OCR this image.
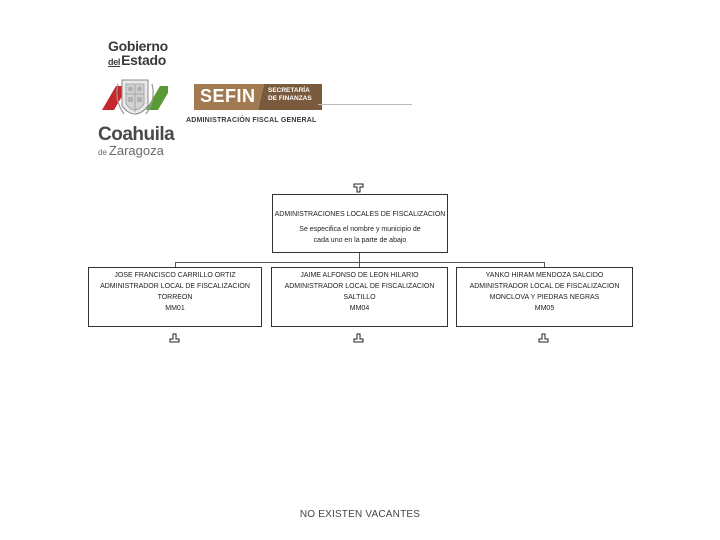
Gobierno
delEstado
Coahuila
de Zaragoza
SEFIN SECRETARÍA
DE FINANZAS
ADMINISTRACIÓN FISCAL GENERAL
ADMINISTRACIONES LOCALES DE FISCALIZACION
Se especifica el nombre y municipio de
cada uno en la parte de abajo
JOSE FRANCISCO CARRILLO ORTIZ
ADMINISTRADOR LOCAL DE FISCALIZACION
TORREON
MM01
JAIME ALFONSO DE LEON HILARIO
ADMINISTRADOR LOCAL DE FISCALIZACION
SALTILLO
MM04
YANKO HIRAM MENDOZA SALCIDO
ADMINISTRADOR LOCAL DE FISCALIZACION
MONCLOVA Y PIEDRAS NEGRAS
MM05
NO EXISTEN VACANTES
